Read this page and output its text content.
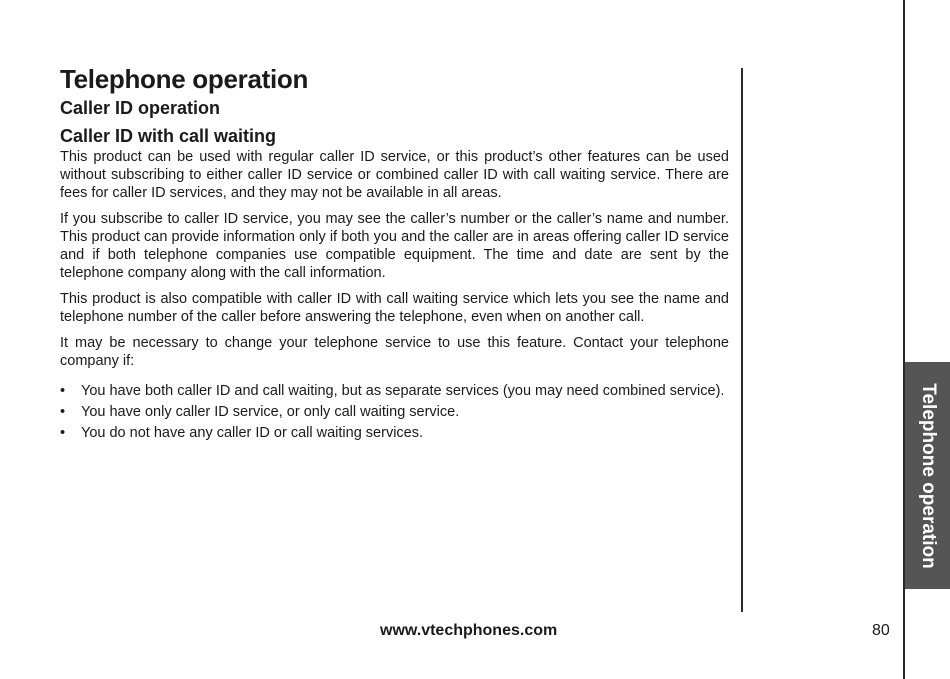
Telephone operation
Caller ID operation
Caller ID with call waiting

This product can be used with regular caller ID service, or this product’s other features can be used without subscribing to either caller ID service or combined caller ID with call waiting service. There are fees for caller ID services, and they may not be available in all areas.

If you subscribe to caller ID service, you may see the caller’s number or the caller’s name and number. This product can provide information only if both you and the caller are in areas offering caller ID service and if both telephone companies use compatible equipment. The time and date are sent by the telephone company along with the call information.

This product is also compatible with caller ID with call waiting service which lets you see the name and telephone number of the caller before answering the telephone, even when on another call.

It may be necessary to change your telephone service to use this feature. Contact your telephone company if:

• You have both caller ID and call waiting, but as separate services (you may need combined service).
• You have only caller ID service, or only call waiting service.
• You do not have any caller ID or call waiting services.	Telephone operation
www.vtechphones.com	80
